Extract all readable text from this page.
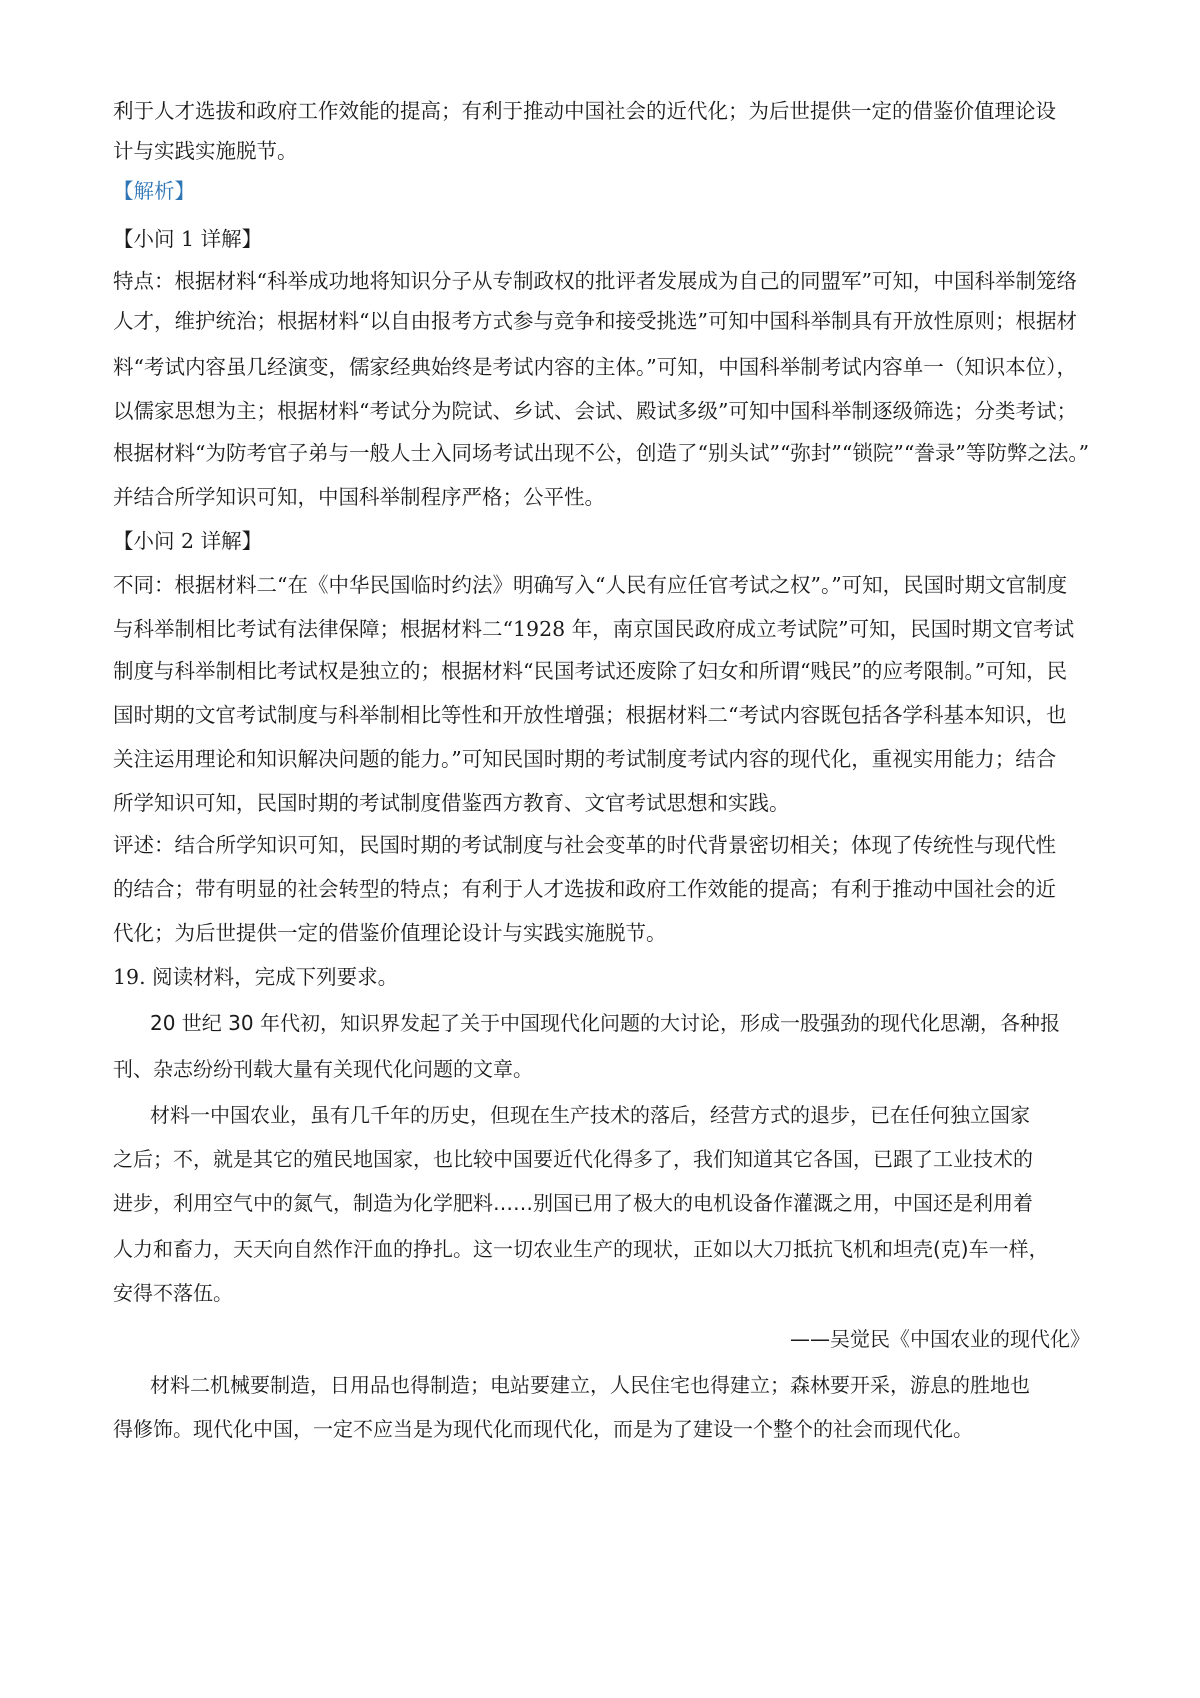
利于人才选拔和政府工作效能的提高；有利于推动中国社会的近代化；为后世提供一定的借鉴价值理论设
计与实践实施脱节。
【解析】
【小问 1 详解】
特点：根据材料“科举成功地将知识分子从专制政权的批评者发展成为自己的同盟军”可知，中国科举制笼络
人才，维护统治；根据材料“以自由报考方式参与竞争和接受挑选”可知中国科举制具有开放性原则；根据材
料“考试内容虽几经演变，儒家经典始终是考试内容的主体。”可知，中国科举制考试内容单一（知识本位），
以儒家思想为主；根据材料“考试分为院试、乡试、会试、殿试多级”可知中国科举制逐级筛选；分类考试；
根据材料“为防考官子弟与一般人士入同场考试出现不公，创造了“别头试”“弥封”“锁院”“誊录”等防弊之法。”
并结合所学知识可知，中国科举制程序严格；公平性。
【小问 2 详解】
不同：根据材料二“在《中华民国临时约法》明确写入“人民有应任官考试之权”。”可知，民国时期文官制度
与科举制相比考试有法律保障；根据材料二“1928 年，南京国民政府成立考试院”可知，民国时期文官考试
制度与科举制相比考试权是独立的；根据材料“民国考试还废除了妇女和所谓“贱民”的应考限制。”可知，民
国时期的文官考试制度与科举制相比等性和开放性增强；根据材料二“考试内容既包括各学科基本知识，也
关注运用理论和知识解决问题的能力。”可知民国时期的考试制度考试内容的现代化，重视实用能力；结合
所学知识可知，民国时期的考试制度借鉴西方教育、文官考试思想和实践。
评述：结合所学知识可知，民国时期的考试制度与社会变革的时代背景密切相关；体现了传统性与现代性
的结合；带有明显的社会转型的特点；有利于人才选拔和政府工作效能的提高；有利于推动中国社会的近
代化；为后世提供一定的借鉴价值理论设计与实践实施脱节。
19. 阅读材料，完成下列要求。
20 世纪 30 年代初，知识界发起了关于中国现代化问题的大讨论，形成一股强劲的现代化思潮，各种报
刊、杂志纷纷刊载大量有关现代化问题的文章。
材料一中国农业，虽有几千年的历史，但现在生产技术的落后，经营方式的退步，已在任何独立国家
之后；不，就是其它的殖民地国家，也比较中国要近代化得多了，我们知道其它各国，已跟了工业技术的
进步，利用空气中的氮气，制造为化学肥料……别国已用了极大的电机设备作灌溉之用，中国还是利用着
人力和畜力，天天向自然作汗血的挣扎。这一切农业生产的现状，正如以大刀抵抗飞机和坦壳(克)车一样，
安得不落伍。
——吴觉民《中国农业的现代化》
材料二机械要制造，日用品也得制造；电站要建立，人民住宅也得建立；森林要开采，游息的胜地也
得修饰。现代化中国，一定不应当是为现代化而现代化，而是为了建设一个整个的社会而现代化。
